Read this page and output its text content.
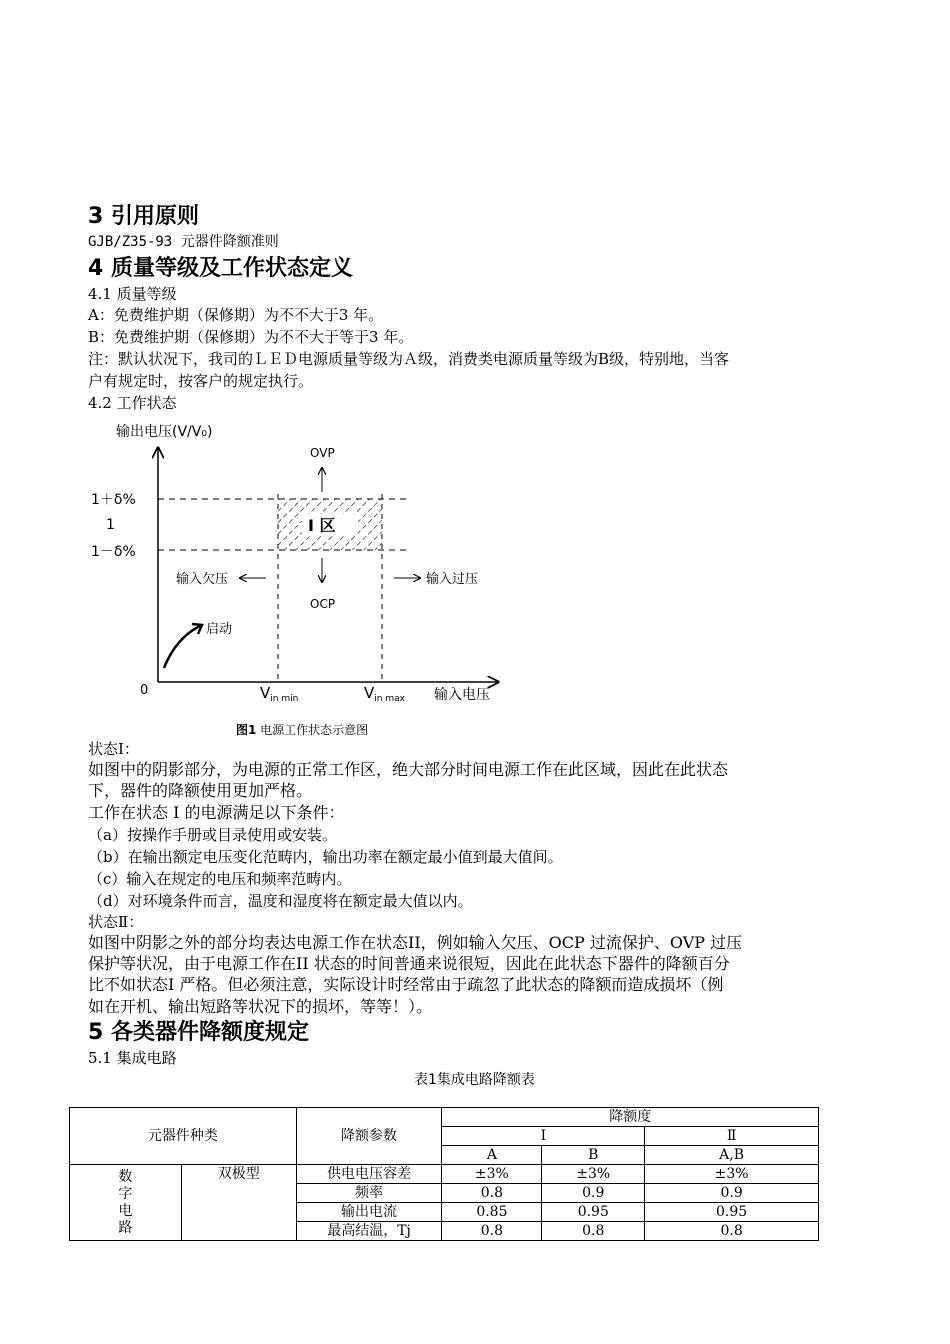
3 引用原则
GJB/Z35-93 元器件降额准则
4 质量等级及工作状态定义
4.1 质量等级
A：免费维护期（保修期）为不不大于3 年。
B：免费维护期（保修期）为不不大于等于3 年。
注：默认状况下，我司的ＬＥＤ电源质量等级为Ａ级，消费类电源质量等级为B级，特别地，当客
户有规定时，按客户的规定执行。
4.2 工作状态
输出电压(V/V₀)
OVP
OCP
1＋δ%
1
1－δ%
I 区
输入欠压	输入过压
启动
0	$V_{in min}$	$V_{in max}$ 输入电压
图1 电源工作状态示意图
状态Ⅰ：
如图中的阴影部分，为电源的正常工作区，绝大部分时间电源工作在此区域，因此在此状态
下，器件的降额使用更加严格。
工作在状态 I 的电源满足以下条件：
（a）按操作手册或目录使用或安装。
（b）在输出额定电压变化范畴内，输出功率在额定最小值到最大值间。
（c）输入在规定的电压和频率范畴内。
（d）对环境条件而言，温度和湿度将在额定最大值以内。
状态Ⅱ：
如图中阴影之外的部分均表达电源工作在状态II，例如输入欠压、OCP 过流保护、OVP 过压
保护等状况，由于电源工作在II 状态的时间普通来说很短，因此在此状态下器件的降额百分
比不如状态I 严格。但必须注意，实际设计时经常由于疏忽了此状态的降额而造成损坏（例
如在开机、输出短路等状况下的损坏，等等！）。
5 各类器件降额度规定
5.1 集成电路
表1集成电路降额表
元器件种类		降额参数	降额度		
			Ⅰ		Ⅱ
			A	B	A,B

数字电路	双极型	供电电压容差	±3%	±3%	±3%
		频率	0.8	0.9	0.9
		输出电流	0.85	0.95	0.95
		最高结温，Tj	0.8	0.8	0.8
